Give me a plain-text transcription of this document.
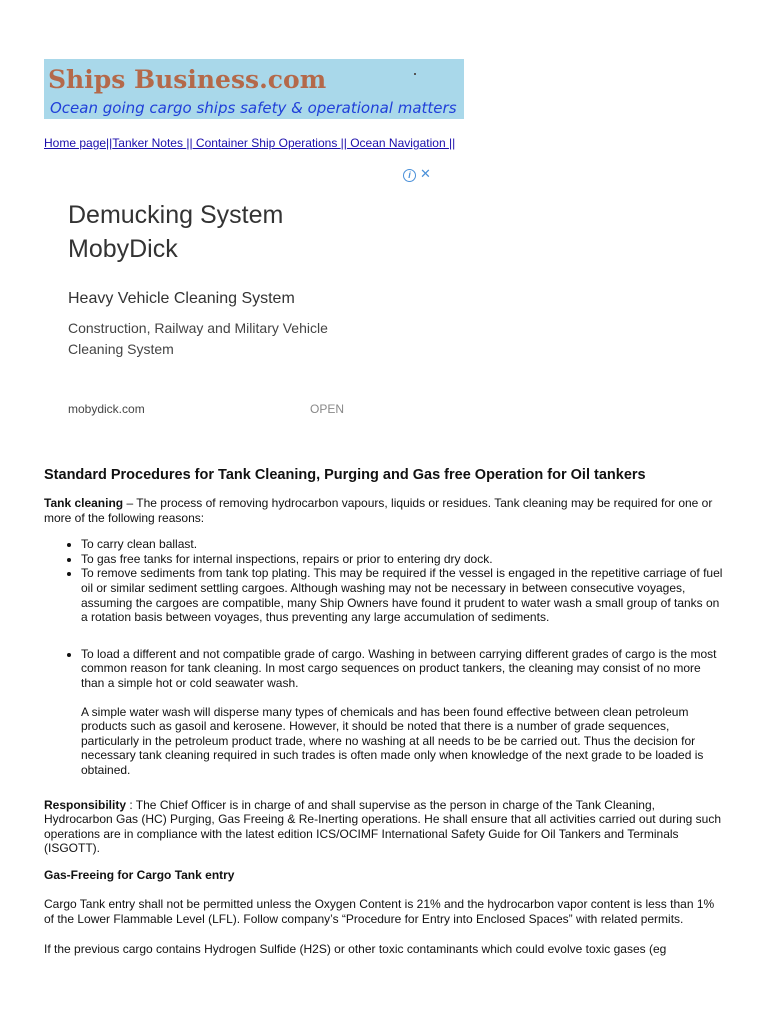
Ships Business.com
Ocean going cargo ships safety & operational matters
Home page||Tanker Notes || Container Ship Operations || Ocean Navigation ||
i ✕
Demucking System MobyDick
Heavy Vehicle Cleaning System
Construction, Railway and Military Vehicle Cleaning System
mobydick.com	OPEN
Standard Procedures for Tank Cleaning, Purging and Gas free Operation for Oil tankers

Tank cleaning – The process of removing hydrocarbon vapours, liquids or residues. Tank cleaning may be required for one or more of the following reasons:

• To carry clean ballast.
• To gas free tanks for internal inspections, repairs or prior to entering dry dock.
• To remove sediments from tank top plating. This may be required if the vessel is engaged in the repetitive carriage of fuel oil or similar sediment settling cargoes. Although washing may not be necessary in between consecutive voyages, assuming the cargoes are compatible, many Ship Owners have found it prudent to water wash a small group of tanks on a rotation basis between voyages, thus preventing any large accumulation of sediments.
• To load a different and not compatible grade of cargo. Washing in between carrying different grades of cargo is the most common reason for tank cleaning. In most cargo sequences on product tankers, the cleaning may consist of no more than a simple hot or cold seawater wash.
A simple water wash will disperse many types of chemicals and has been found effective between clean petroleum products such as gasoil and kerosene. However, it should be noted that there is a number of grade sequences, particularly in the petroleum product trade, where no washing at all needs to be be carried out. Thus the decision for necessary tank cleaning required in such trades is often made only when knowledge of the next grade to be loaded is obtained.

Responsibility : The Chief Officer is in charge of and shall supervise as the person in charge of the Tank Cleaning, Hydrocarbon Gas (HC) Purging, Gas Freeing & Re-Inerting operations. He shall ensure that all activities carried out during such operations are in compliance with the latest edition ICS/OCIMF International Safety Guide for Oil Tankers and Terminals (ISGOTT).

Gas-Freeing for Cargo Tank entry

Cargo Tank entry shall not be permitted unless the Oxygen Content is 21% and the hydrocarbon vapor content is less than 1% of the Lower Flammable Level (LFL). Follow company’s “Procedure for Entry into Enclosed Spaces” with related permits.

If the previous cargo contains Hydrogen Sulfide (H2S) or other toxic contaminants which could evolve toxic gases (eg
